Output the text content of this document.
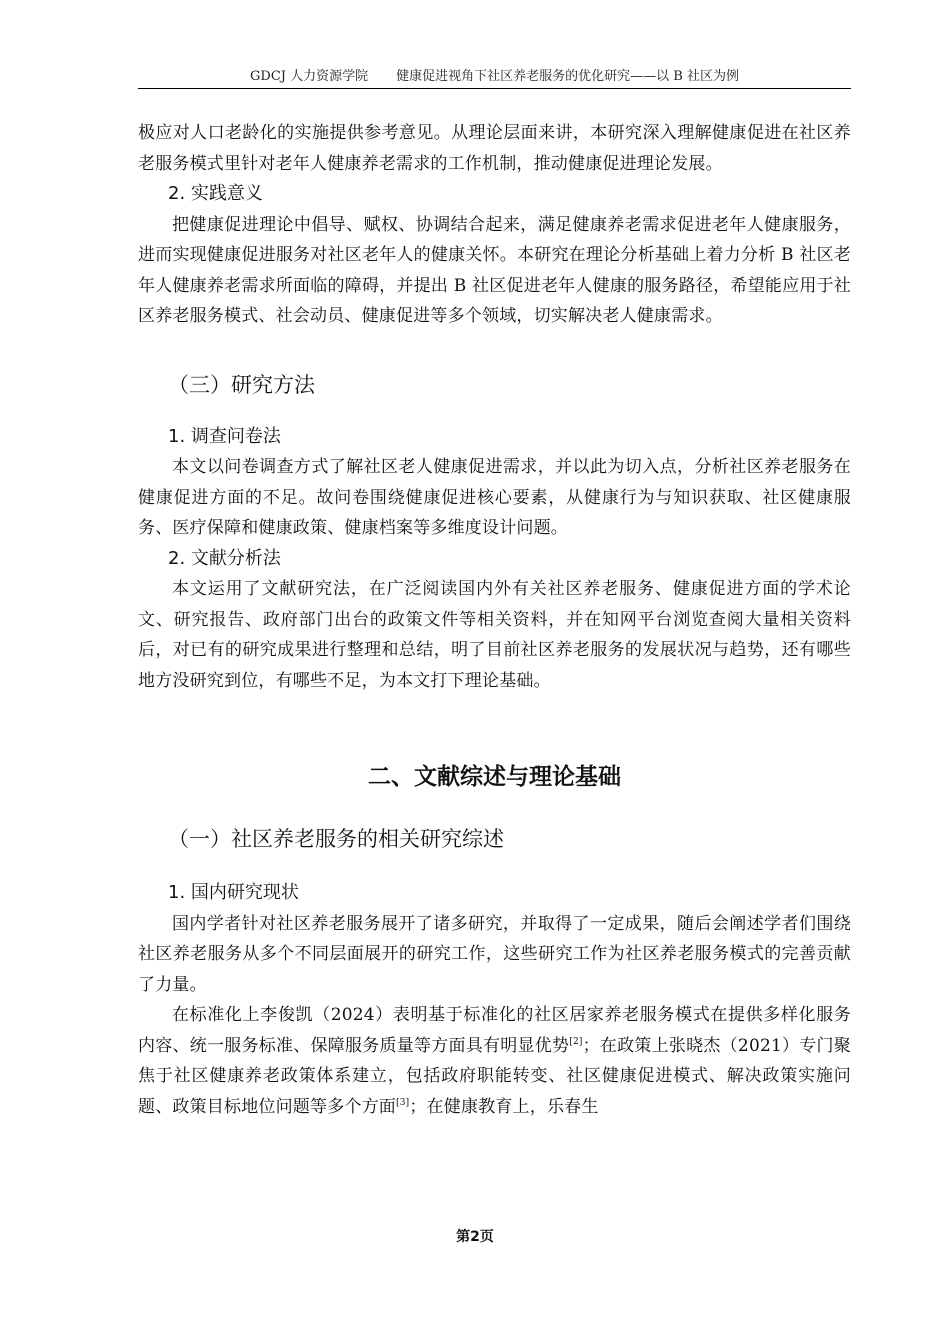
GDCJ 人力资源学院 健康促进视角下社区养老服务的优化研究——以 B 社区为例

极应对人口老龄化的实施提供参考意见。从理论层面来讲，本研究深入理解健康促进在社区养老服务模式里针对老年人健康养老需求的工作机制，推动健康促进理论发展。

2. 实践意义

把健康促进理论中倡导、赋权、协调结合起来，满足健康养老需求促进老年人健康服务，进而实现健康促进服务对社区老年人的健康关怀。本研究在理论分析基础上着力分析 B 社区老年人健康养老需求所面临的障碍，并提出 B 社区促进老年人健康的服务路径，希望能应用于社区养老服务模式、社会动员、健康促进等多个领域，切实解决老人健康需求。

（三）研究方法

1. 调查问卷法

本文以问卷调查方式了解社区老人健康促进需求，并以此为切入点，分析社区养老服务在健康促进方面的不足。故问卷围绕健康促进核心要素，从健康行为与知识获取、社区健康服务、医疗保障和健康政策、健康档案等多维度设计问题。

2. 文献分析法

本文运用了文献研究法，在广泛阅读国内外有关社区养老服务、健康促进方面的学术论文、研究报告、政府部门出台的政策文件等相关资料，并在知网平台浏览查阅大量相关资料后，对已有的研究成果进行整理和总结，明了目前社区养老服务的发展状况与趋势，还有哪些地方没研究到位，有哪些不足，为本文打下理论基础。

二、文献综述与理论基础

（一）社区养老服务的相关研究综述

1. 国内研究现状

国内学者针对社区养老服务展开了诸多研究，并取得了一定成果，随后会阐述学者们围绕社区养老服务从多个不同层面展开的研究工作，这些研究工作为社区养老服务模式的完善贡献了力量。

在标准化上李俊凯（2024）表明基于标准化的社区居家养老服务模式在提供多样化服务内容、统一服务标准、保障服务质量等方面具有明显优势[2]；在政策上张晓杰（2021）专门聚焦于社区健康养老政策体系建立，包括政府职能转变、社区健康促进模式、解决政策实施问题、政策目标地位问题等多个方面[3]；在健康教育上，乐春生

第2页
